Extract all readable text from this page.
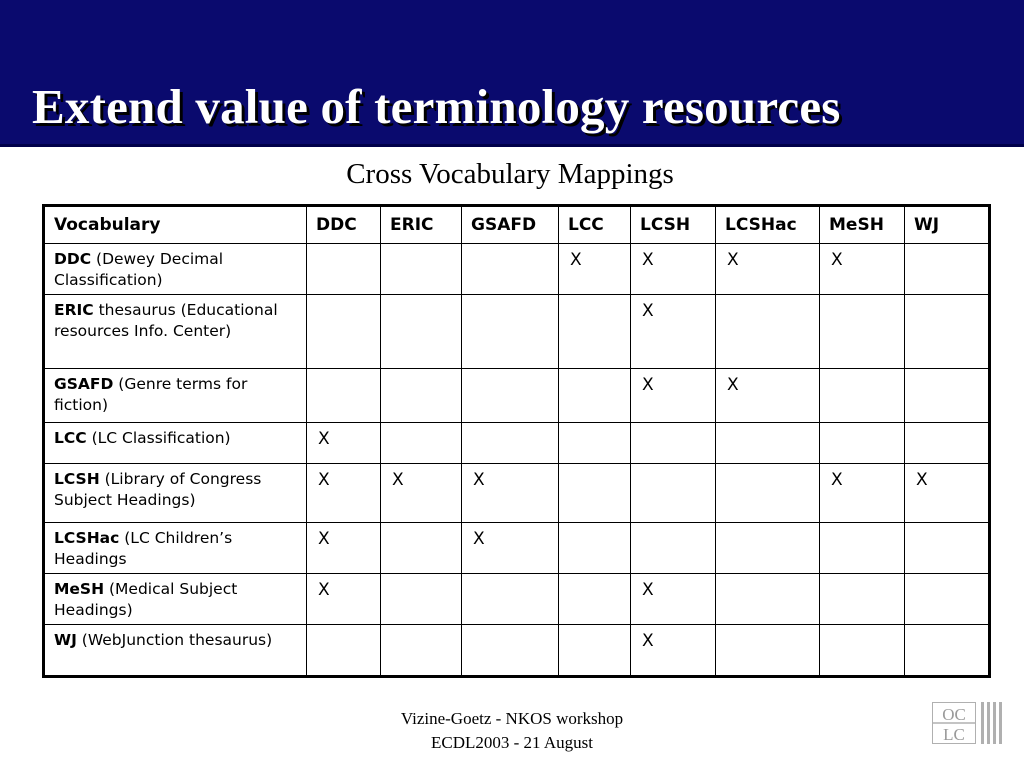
Extend value of terminology resources
Cross Vocabulary Mappings
Vocabulary	DDC	ERIC	GSAFD	LCC	LCSH	LCSHac	MeSH	WJ
DDC (Dewey Decimal Classification)				X	X	X	X	
ERIC thesaurus (Educational resources Info. Center)					X			
GSAFD (Genre terms for fiction)					X	X		
LCC (LC Classification)	X							
LCSH (Library of Congress Subject Headings)	X	X	X				X	X
LCSHac (LC Children’s Headings	X		X					
MeSH (Medical Subject Headings)	X				X			
WJ (WebJunction thesaurus)					X			
Vizine-Goetz - NKOS workshop
ECDL2003 - 21 August
OC
LC
